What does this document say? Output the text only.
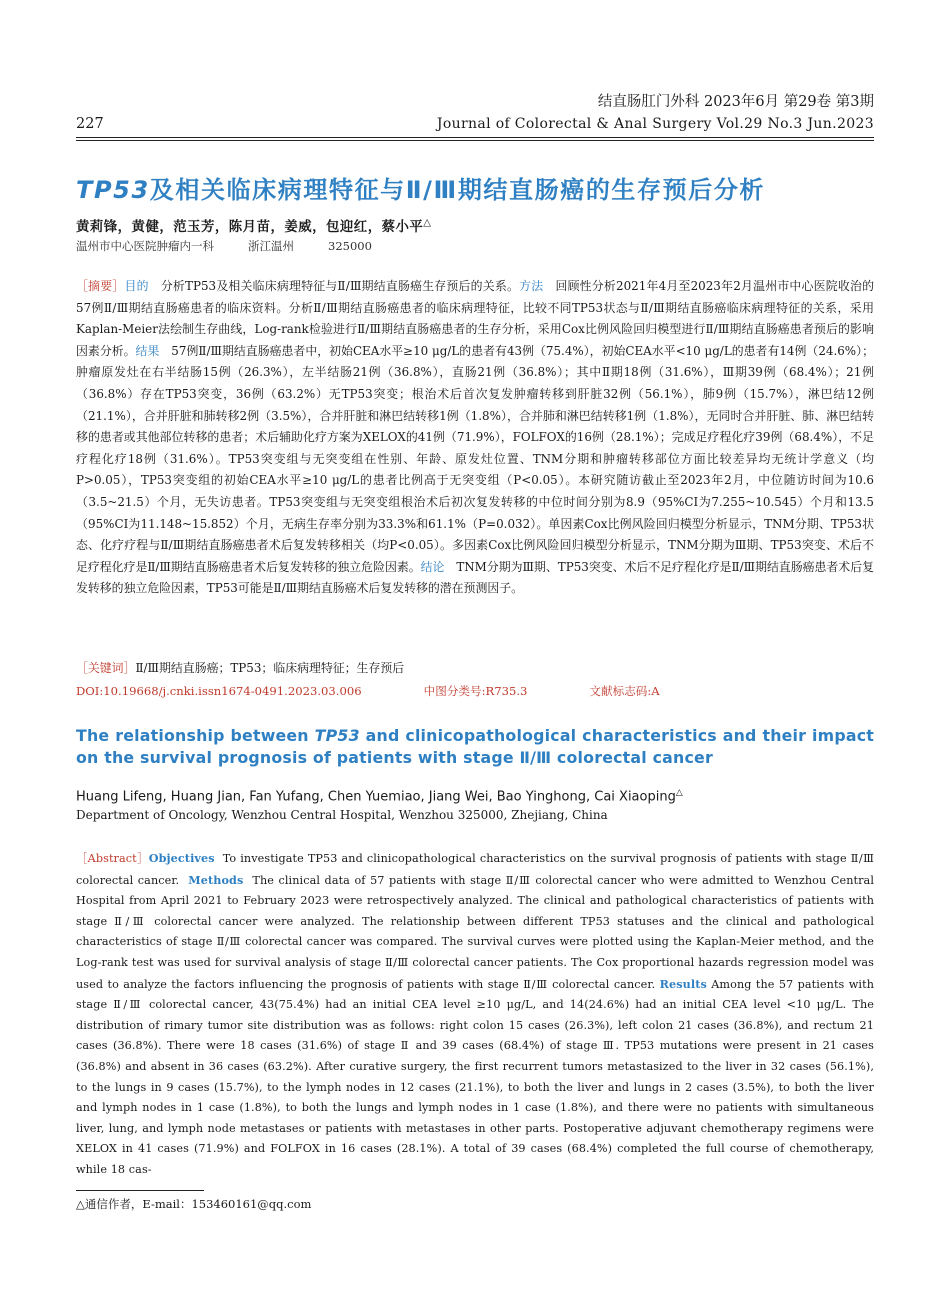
结直肠肛门外科 2023年6月 第29卷 第3期
227	Journal of Colorectal & Anal Surgery Vol.29 No.3 Jun.2023
TP53及相关临床病理特征与Ⅱ/Ⅲ期结直肠癌的生存预后分析
黄莉锋，黄健，范玉芳，陈月苗，姜威，包迎红，蔡小平△
温州市中心医院肿瘤内一科	浙江温州	325000
［摘要］目的　 分析TP53及相关临床病理特征与Ⅱ/Ⅲ期结直肠癌生存预后的关系。方法　 回顾性分析2021年4月至2023年2月温州市中心医院收治的57例Ⅱ/Ⅲ期结直肠癌患者的临床资料。分析Ⅱ/Ⅲ期结直肠癌患者的临床病理特征，比较不同TP53状态与Ⅱ/Ⅲ期结直肠癌临床病理特征的关系，采用Kaplan-Meier法绘制生存曲线，Log-rank检验进行Ⅱ/Ⅲ期结直肠癌患者的生存分析，采用Cox比例风险回归模型进行Ⅱ/Ⅲ期结直肠癌患者预后的影响因素分析。结果　 57例Ⅱ/Ⅲ期结直肠癌患者中，初始CEA水平≥10 μg/L的患者有43例（75.4%），初始CEA水平<10 μg/L的患者有14例（24.6%）；肿瘤原发灶在右半结肠15例（26.3%），左半结肠21例（36.8%），直肠21例（36.8%）；其中Ⅱ期18例（31.6%），Ⅲ期39例（68.4%）；21例（36.8%）存在TP53突变，36例（63.2%）无TP53突变；根治术后首次复发肿瘤转移到肝脏32例（56.1%），肺9例（15.7%），淋巴结12例（21.1%），合并肝脏和肺转移2例（3.5%），合并肝脏和淋巴结转移1例（1.8%），合并肺和淋巴结转移1例（1.8%），无同时合并肝脏、肺、淋巴结转移的患者或其他部位转移的患者；术后辅助化疗方案为XELOX的41例（71.9%），FOLFOX的16例（28.1%）；完成足疗程化疗39例（68.4%），不足疗程化疗18例（31.6%）。TP53突变组与无突变组在性别、年龄、原发灶位置、TNM分期和肿瘤转移部位方面比较差异均无统计学意义（均P>0.05），TP53突变组的初始CEA水平≥10 μg/L的患者比例高于无突变组（P<0.05）。本研究随访截止至2023年2月，中位随访时间为10.6（3.5~21.5）个月，无失访患者。TP53突变组与无突变组根治术后初次复发转移的中位时间分别为8.9（95%CI为7.255~10.545）个月和13.5（95%CI为11.148~15.852）个月，无病生存率分别为33.3%和61.1%（P=0.032）。单因素Cox比例风险回归模型分析显示，TNM分期、TP53状态、化疗疗程与Ⅱ/Ⅲ期结直肠癌患者术后复发转移相关（均P<0.05）。多因素Cox比例风险回归模型分析显示，TNM分期为Ⅲ期、TP53突变、术后不足疗程化疗是Ⅱ/Ⅲ期结直肠癌患者术后复发转移的独立危险因素。结论　 TNM分期为Ⅲ期、TP53突变、术后不足疗程化疗是Ⅱ/Ⅲ期结直肠癌患者术后复发转移的独立危险因素，TP53可能是Ⅱ/Ⅲ期结直肠癌术后复发转移的潜在预测因子。
［关键词］Ⅱ/Ⅲ期结直肠癌；TP53；临床病理特征；生存预后
DOI:10.19668/j.cnki.issn1674-0491.2023.03.006	中图分类号:R735.3	文献标志码:A
The relationship between TP53 and clinicopathological characteristics and their impact on the survival prognosis of patients with stage Ⅱ/Ⅲ colorectal cancer
Huang Lifeng, Huang Jian, Fan Yufang, Chen Yuemiao, Jiang Wei, Bao Yinghong, Cai Xiaoping△
Department of Oncology, Wenzhou Central Hospital, Wenzhou 325000, Zhejiang, China
［Abstract］Objectives To investigate TP53 and clinicopathological characteristics on the survival prognosis of patients with stage Ⅱ/Ⅲ colorectal cancer. Methods The clinical data of 57 patients with stage Ⅱ/Ⅲ colorectal cancer who were admitted to Wenzhou Central Hospital from April 2021 to February 2023 were retrospectively analyzed. The clinical and pathological characteristics of patients with stage Ⅱ/Ⅲ colorectal cancer were analyzed. The relationship between different TP53 statuses and the clinical and pathological characteristics of stage Ⅱ/Ⅲ colorectal cancer was compared. The survival curves were plotted using the Kaplan-Meier method, and the Log-rank test was used for survival analysis of stage Ⅱ/Ⅲ colorectal cancer patients. The Cox proportional hazards regression model was used to analyze the factors influencing the prognosis of patients with stage Ⅱ/Ⅲ colorectal cancer. Results Among the 57 patients with stage Ⅱ/Ⅲ colorectal cancer, 43(75.4%) had an initial CEA level ≥10 μg/L, and 14(24.6%) had an initial CEA level <10 μg/L. The distribution of rimary tumor site distribution was as follows: right colon 15 cases (26.3%), left colon 21 cases (36.8%), and rectum 21 cases (36.8%). There were 18 cases (31.6%) of stage Ⅱ and 39 cases (68.4%) of stage Ⅲ. TP53 mutations were present in 21 cases (36.8%) and absent in 36 cases (63.2%). After curative surgery, the first recurrent tumors metastasized to the liver in 32 cases (56.1%), to the lungs in 9 cases (15.7%), to the lymph nodes in 12 cases (21.1%), to both the liver and lungs in 2 cases (3.5%), to both the liver and lymph nodes in 1 case (1.8%), to both the lungs and lymph nodes in 1 case (1.8%), and there were no patients with simultaneous liver, lung, and lymph node metastases or patients with metastases in other parts. Postoperative adjuvant chemotherapy regimens were XELOX in 41 cases (71.9%) and FOLFOX in 16 cases (28.1%). A total of 39 cases (68.4%) completed the full course of chemotherapy, while 18 cas-
△通信作者，E-mail：153460161@qq.com
